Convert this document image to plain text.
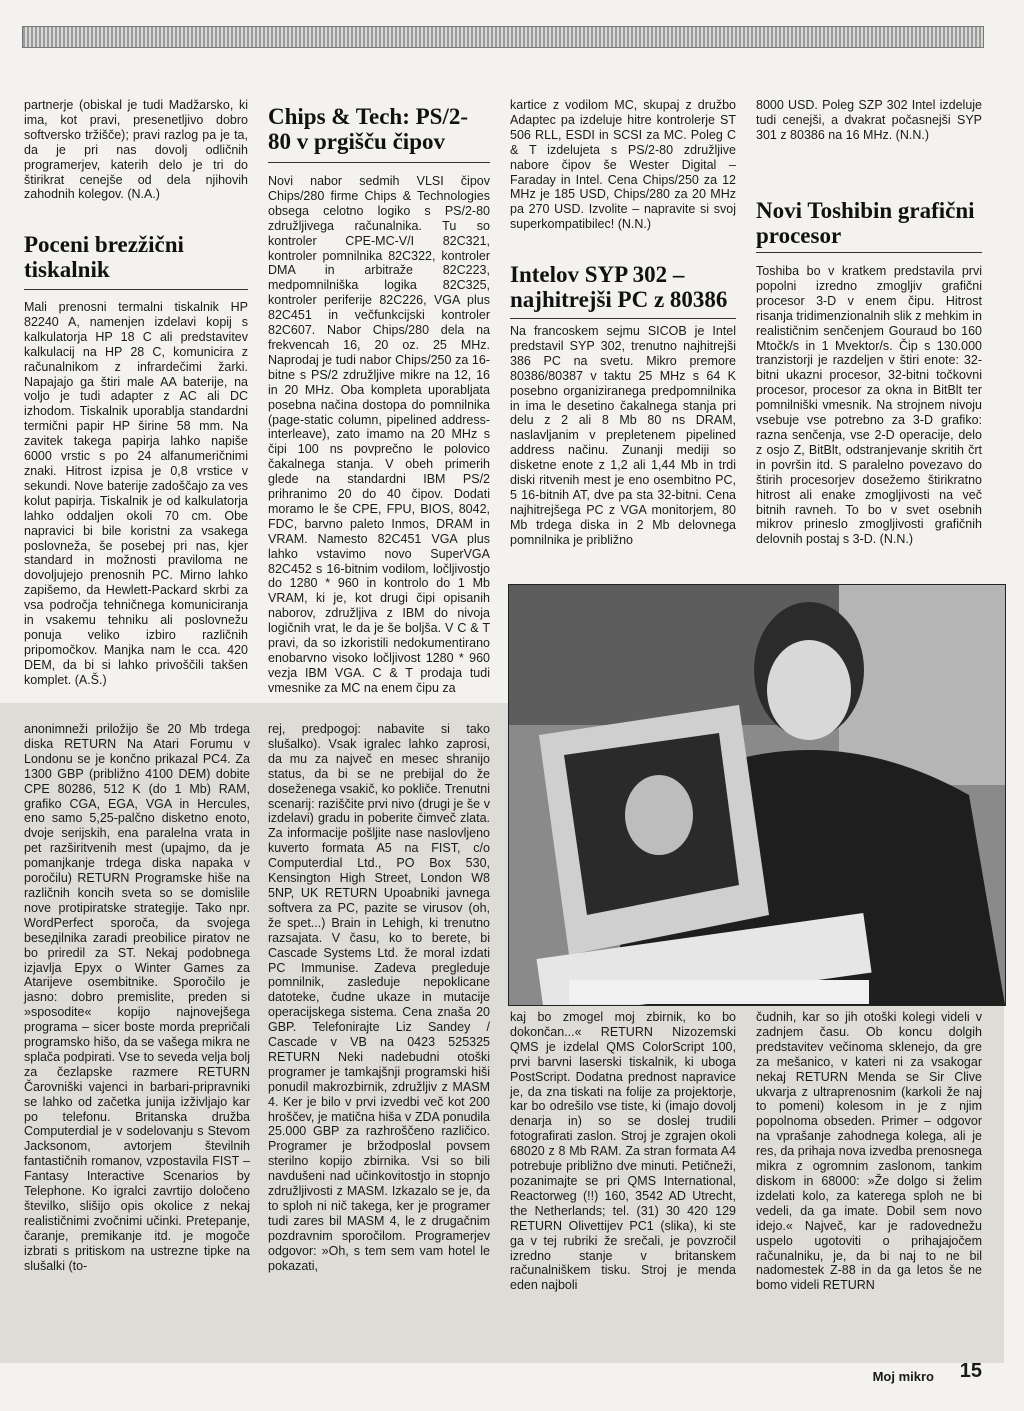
partnerje (obiskal je tudi Madžarsko, ki ima, kot pravi, presenetljivo dobro softversko tržišče); pravi razlog pa je ta, da je pri nas dovolj odličnih programerjev, katerih delo je tri do štirikrat cenejše od dela njihovih zahodnih kolegov. (N.A.)

Poceni brezžični tiskalnik

Mali prenosni termalni tiskalnik HP 82240 A, namenjen izdelavi kopij s kalkulatorja HP 18 C ali predstavitev kalkulacij na HP 28 C, komunicira z računalnikom z infrardečimi žarki. Napajajo ga štiri male AA baterije, na voljo je tudi adapter z AC ali DC izhodom. Tiskalnik uporablja standardni termični papir HP širine 58 mm. Na zavitek takega papirja lahko napiše 6000 vrstic s po 24 alfanumeričnimi znaki. Hitrost izpisa je 0,8 vrstice v sekundi. Nove baterije zadoščajo za ves kolut papirja. Tiskalnik je od kalkulatorja lahko oddaljen okoli 70 cm. Obe napravici bi bile koristni za vsakega poslovneža, še posebej pri nas, kjer standard in možnosti praviloma ne dovoljujejo prenosnih PC. Mirno lahko zapišemo, da Hewlett-Packard skrbi za vsa področja tehničnega komuniciranja in vsakemu tehniku ali poslovnežu ponuja veliko izbiro različnih pripomočkov. Manjka nam le cca. 420 DEM, da bi si lahko privoščili takšen komplet. (A.Š.)

Chips & Tech: PS/2-80 v prgišču čipov

Novi nabor sedmih VLSI čipov Chips/280 firme Chips & Technologies obsega celotno logiko s PS/2-80 združljivega računalnika. Tu so kontroler CPE-MC-V/I 82C321, kontroler pomnilnika 82C322, kontroler DMA in arbitraže 82C223, medpomnilniška logika 82C325, kontroler periferije 82C226, VGA plus 82C451 in večfunkcijski kontroler 82C607. Nabor Chips/280 dela na frekvencah 16, 20 oz. 25 MHz. Naprodaj je tudi nabor Chips/250 za 16-bitne s PS/2 združljive mikre na 12, 16 in 20 MHz. Oba kompleta uporabljata posebna načina dostopa do pomnilnika (page-static column, pipelined address-interleave), zato imamo na 20 MHz s čipi 100 ns povprečno le polovico čakalnega stanja. V obeh primerih glede na standardni IBM PS/2 prihranimo 20 do 40 čipov. Dodati moramo le še CPE, FPU, BIOS, 8042, FDC, barvno paleto Inmos, DRAM in VRAM. Namesto 82C451 VGA plus lahko vstavimo novo SuperVGA 82C452 s 16-bitnim vodilom, ločljivostjo do 1280 * 960 in kontrolo do 1 Mb VRAM, ki je, kot drugi čipi opisanih naborov, združljiva z IBM do nivoja logičnih vrat, le da je še boljša. V C & T pravi, da so izkoristili nedokumentirano enobarvno visoko ločljivost 1280 * 960 vezja IBM VGA. C & T prodaja tudi vmesnike za MC na enem čipu za

kartice z vodilom MC, skupaj z družbo Adaptec pa izdeluje hitre kontrolerje ST 506 RLL, ESDI in SCSI za MC. Poleg C & T izdelujeta s PS/2-80 združljive nabore čipov še Wester Digital – Faraday in Intel. Cena Chips/250 za 12 MHz je 185 USD, Chips/280 za 20 MHz pa 270 USD. Izvolite – napravite si svoj superkompatibilec! (N.N.)

Intelov SYP 302 – najhitrejši PC z 80386

Na francoskem sejmu SICOB je Intel predstavil SYP 302, trenutno najhitrejši 386 PC na svetu. Mikro premore 80386/80387 v taktu 25 MHz s 64 K posebno organiziranega predpomnilnika in ima le desetino čakalnega stanja pri delu z 2 ali 8 Mb 80 ns DRAM, naslavljanim v prepletenem pipelined address načinu. Zunanji mediji so disketne enote z 1,2 ali 1,44 Mb in trdi diski ritvenih mest je eno osembitno PC, 5 16-bitnih AT, dve pa sta 32-bitni. Cena najhitrejšega PC z VGA monitorjem, 80 Mb trdega diska in 2 Mb delovnega pomnilnika je približno

8000 USD. Poleg SZP 302 Intel izdeluje tudi cenejši, a dvakrat počasnejši SYP 301 z 80386 na 16 MHz. (N.N.)

Novi Toshibin grafični procesor

Toshiba bo v kratkem predstavila prvi popolni izredno zmogljiv grafični procesor 3-D v enem čipu. Hitrost risanja tridimenzionalnih slik z mehkim in realističnim senčenjem Gouraud bo 160 Mtočk/s in 1 Mvektor/s. Čip s 130.000 tranzistorji je razdeljen v štiri enote: 32-bitni ukazni procesor, 32-bitni točkovni procesor, procesor za okna in BitBlt ter pomnilniški vmesnik. Na strojnem nivoju vsebuje vse potrebno za 3-D grafiko: razna senčenja, vse 2-D operacije, delo z osjo Z, BitBlt, odstranjevanje skritih črt in površin itd. S paralelno povezavo do štirih procesorjev dosežemo štirikratno hitrost ali enake zmogljivosti na več bitnih ravneh. To bo v svet osebnih mikrov prineslo zmogljivosti grafičnih delovnih postaj s 3-D. (N.N.)

anonimneži priložijo še 20 Mb trdega diska RETURN Na Atari Forumu v Londonu se je končno prikazal PC4. Za 1300 GBP (približno 4100 DEM) dobite CPE 80286, 512 K (do 1 Mb) RAM, grafiko CGA, EGA, VGA in Hercules, eno samo 5,25-palčno disketno enoto, dvoje serijskih, ena paralelna vrata in pet razširitvenih mest (upajmo, da je pomanjkanje trdega diska napaka v poročilu) RETURN Programske hiše na različnih koncih sveta so se domislile nove protipiratske strategije. Tako npr. WordPerfect sporoča, da svojega beseдilnika zaradi preobilice piratov ne bo priredil za ST. Nekaj podobnega izjavlja Epyx o Winter Games za Atarijeve osembitnike. Sporočilo je jasno: dobro premislite, preden si »sposodite« kopijo najnovejšega programa – sicer boste morda prepričali programsko hišo, da se vašega mikra ne splača podpirati. Vse to seveda velja bolj za čezlapske razmere RETURN Čarovniški vajenci in barbari-pripravniki se lahko od začetka junija izživljajo kar po telefonu. Britanska družba Computerdial je v sodelovanju s Stevom Jacksonom, avtorjem številnih fantastičnih romanov, vzpostavila FIST – Fantasy Interactive Scenarios by Telephone. Ko igralci zavrtijo določeno številko, slišijo opis okolice z nekaj realističnimi zvočnimi učinki. Pretepanje, čaranje, premikanje itd. je mogoče izbrati s pritiskom na ustrezne tipke na slušalki (to-

rej, predpogoj: nabavite si tako slušalko). Vsak igralec lahko zaprosi, da mu za največ en mesec shranijo status, da bi se ne prebijal do že doseženega vsakič, ko pokliče. Trenutni scenarij: raziščite prvi nivo (drugi je še v izdelavi) gradu in poberite čimveč zlata. Za informacije pošljite nase naslovljeno kuverto formata A5 na FIST, c/o Computerdial Ltd., PO Box 530, Kensington High Street, London W8 5NP, UK RETURN Upoabniki javnega softvera za PC, pazite se virusov (oh, že spet...) Brain in Lehigh, ki trenutno razsajata. V času, ko to berete, bi Cascade Systems Ltd. že moral izdati PC Immunise. Zadeva pregleduje pomnilnik, zasleduje nepoklicane datoteke, čudne ukaze in mutacije operacijskega sistema. Cena znaša 20 GBP. Telefonirajte Liz Sandey / Cascade v VB na 0423 525325 RETURN Neki nadebudni otoški programer je tamkajšnji programski hiši ponudil makrozbirnik, združljiv z MASM 4. Ker je bilo v prvi izvedbi več kot 200 hroščev, je matična hiša v ZDA ponudila 25.000 GBP za razhroščeno različico. Programer je bržodposlal povsem sterilno kopijo zbirnika. Vsi so bili navdušeni nad učinkovitostjo in stopnjo združljivosti z MASM. Izkazalo se je, da to sploh ni nič takega, ker je programer tudi zares bil MASM 4, le z drugačnim pozdravnim sporočilom. Programerjev odgovor: »Oh, s tem sem vam hotel le pokazati,

kaj bo zmogel moj zbirnik, ko bo dokončan...« RETURN Nizozemski QMS je izdelal QMS ColorScript 100, prvi barvni laserski tiskalnik, ki uboga PostScript. Dodatna prednost napravice je, da zna tiskati na folije za projektorje, kar bo odrešilo vse tiste, ki (imajo dovolj denarja in) so se doslej trudili fotografirati zaslon. Stroj je zgrajen okoli 68020 z 8 Mb RAM. Za stran formata A4 potrebuje približno dve minuti. Petičneži, pozanimajte se pri QMS International, Reactorweg (!!) 160, 3542 AD Utrecht, the Netherlands; tel. (31) 30 420 129 RETURN Olivettijev PC1 (slika), ki ste ga v tej rubriki že srečali, je povzročil izredno stanje v britanskem računalniškem tisku. Stroj je menda eden najboli

čudnih, kar so jih otoški kolegi videli v zadnjem času. Ob koncu dolgih predstavitev večinoma sklenejo, da gre za mešanico, v kateri ni za vsakogar nekaj RETURN Menda se Sir Clive ukvarja z ultraprenosnim (karkoli že naj to pomeni) kolesom in je z njim popolnoma obseden. Primer – odgovor na vprašanje zahodnega kolega, ali je res, da prihaja nova izvedba prenosnega mikra z ogromnim zaslonom, tankim diskom in 68000: »Že dolgo si želim izdelati kolo, za katerega sploh ne bi vedeli, da ga imate. Dobil sem novo idejo.« Največ, kar je radovednežu uspelo ugotoviti o prihajajočem računalniku, je, da bi naj to ne bil nadomestek Z-88 in da ga letos še ne bomo videli RETURN

Moj mikro 15
